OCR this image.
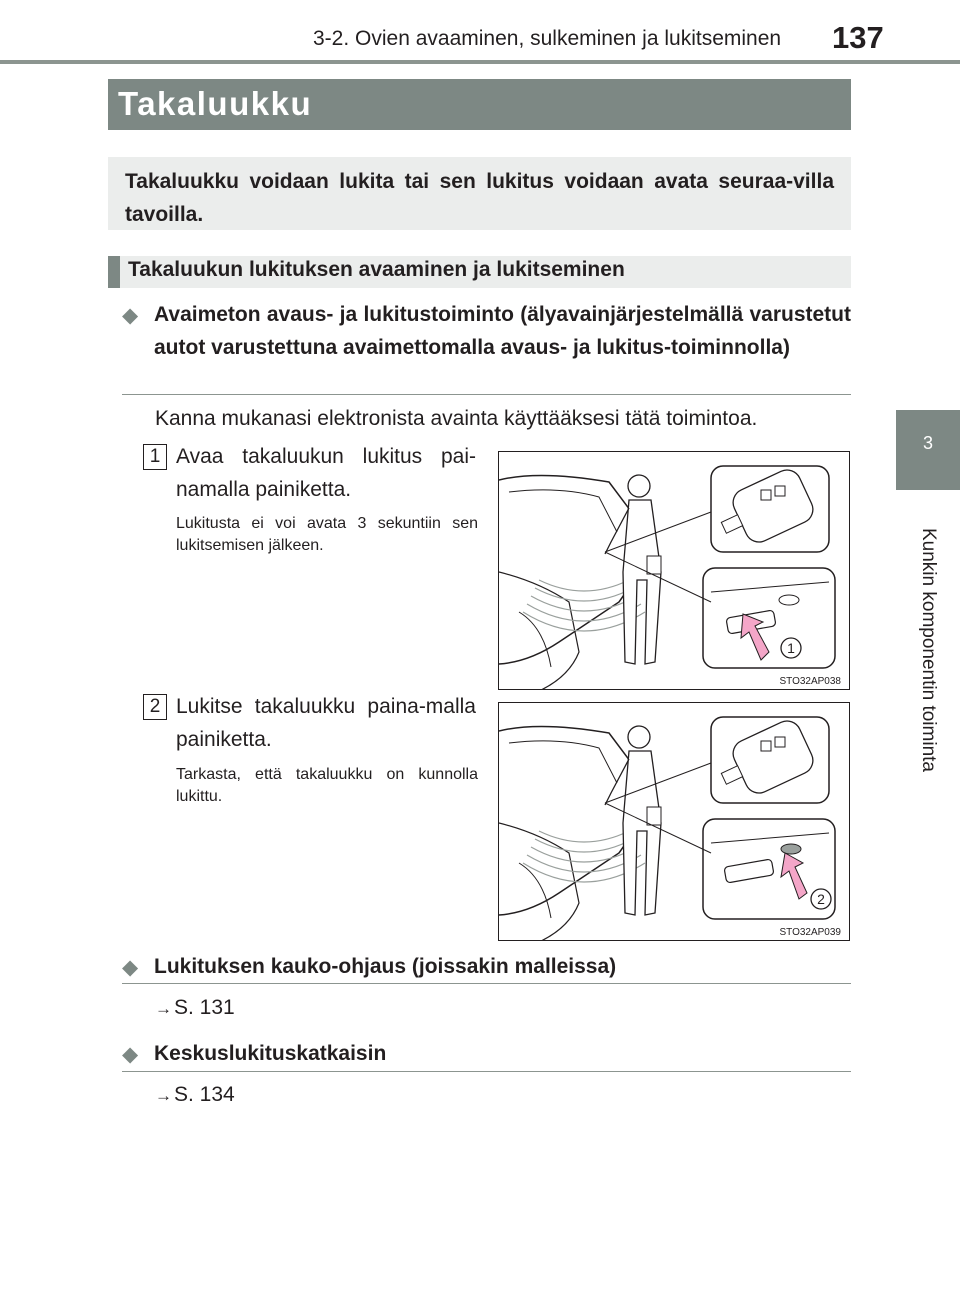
3-2. Ovien avaaminen, sulkeminen ja lukitseminen 137
3
Kunkin komponentin toiminta
Takaluukku

Takaluukku voidaan lukita tai sen lukitus voidaan avata seuraa-villa tavoilla.

Takaluukun lukituksen avaaminen ja lukitseminen
◆ Avaimeton avaus- ja lukitustoiminto (älyavainjärjestelmällä varustetut autot varustettuna avaimettomalla avaus- ja lukitus-toiminnolla)
Kanna mukanasi elektronista avainta käyttääksesi tätä toimintoa.
1 Avaa takaluukun lukitus pai-namalla painiketta.
Lukitusta ei voi avata 3 sekuntiin sen lukitsemisen jälkeen.
1
STO32AP038
2 Lukitse takaluukku paina-malla painiketta.
Tarkasta, että takaluukku on kunnolla lukittu.
2
STO32AP039
◆ Lukituksen kauko-ohjaus (joissakin malleissa)
→S. 131
◆ Keskuslukituskatkaisin
→S. 134
